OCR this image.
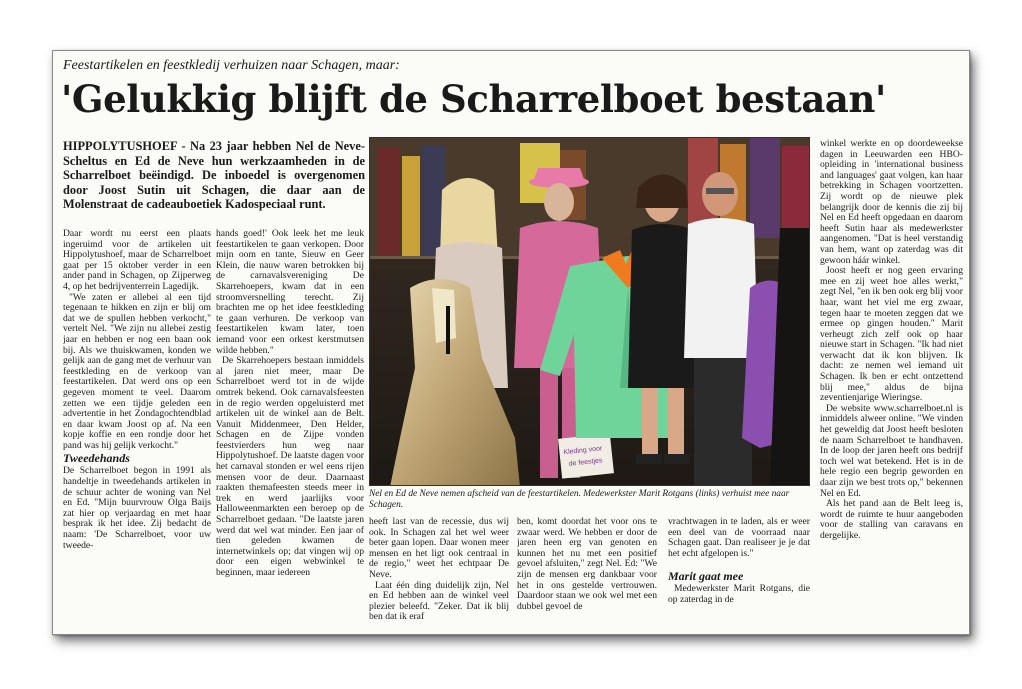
Feestartikelen en feestkledij verhuizen naar Schagen, maar:
'Gelukkig blijft de Scharrelboet bestaan'
HIPPOLYTUSHOEF - Na 23 jaar hebben Nel de Neve-Scheltus en Ed de Neve hun werkzaamheden in de Scharrelboet beëindigd. De inboedel is overgenomen door Joost Sutin uit Schagen, die daar aan de Molenstraat de cadeauboetiek Kadospeciaal runt.

Daar wordt nu eerst een plaats ingeruimd voor de artikelen uit Hippolytushoef, maar de Scharrelboet gaat per 15 oktober verder in een ander pand in Schagen, op Zijperweg 4, op het bedrijventerrein Lagedijk.

"We zaten er allebei al een tijd tegenaan te hikken en zijn er blij om dat we de spullen hebben verkocht," vertelt Nel. "We zijn nu allebei zestig jaar en hebben er nog een baan ook bij. Als we thuiskwamen, konden we gelijk aan de gang met de verhuur van feestkleding en de verkoop van feestartikelen. Dat werd ons op een gegeven moment te veel. Daarom zetten we een tijdje geleden een advertentie in het Zondagochtendblad en daar kwam Joost op af. Na een kopje koffie en een rondje door het pand was hij gelijk verkocht."

Tweedehands

De Scharrelboet begon in 1991 als handeltje in tweedehands artikelen in de schuur achter de woning van Nel en Ed. "Mijn buurvrouw Olga Baijs zat hier op verjaardag en met haar besprak ik het idee. Zij bedacht de naam: 'De Scharrelboet, voor uw tweede-

hands goed!' Ook leek het me leuk feestartikelen te gaan verkopen. Door mijn oom en tante, Sieuw en Geer Klein, die nauw waren betrokken bij de carnavalsvereniging De Skarrehoepers, kwam dat in een stroomversnelling terecht. Zij brachten me op het idee feestkleding te gaan verhuren. De verkoop van feestartikelen kwam later, toen iemand voor een orkest kerstmutsen wilde hebben."

De Skarrehoepers bestaan inmiddels al jaren niet meer, maar De Scharrelboet werd tot in de wijde omtrek bekend. Ook carnavalsfeesten in de regio werden opgeluisterd met artikelen uit de winkel aan de Belt. Vanuit Middenmeer, Den Helder, Schagen en de Zijpe vonden feestvierders hun weg naar Hippolytushoef. De laatste dagen voor het carnaval stonden er wel eens rijen mensen voor de deur. Daarnaast raakten themafeesten steeds meer in trek en werd jaarlijks voor Halloweenmarkten een beroep op de Scharrelboet gedaan. "De laatste jaren werd dat wel wat minder. Een jaar of tien geleden kwamen de internetwinkels op; dat vingen wij op door een eigen webwinkel te beginnen, maar iedereen

Kleding voor
de feestjes
Nel en Ed de Neve nemen afscheid van de feestartikelen. Medewerkster Marit Rotgans (links) verhuist mee naar Schagen.

heeft last van de recessie, dus wij ook. In Schagen zal het wel weer beter gaan lopen. Daar wonen meer mensen en het ligt ook centraal in de regio," weet het echtpaar De Neve.

Laat één ding duidelijk zijn, Nel en Ed hebben aan de winkel veel plezier beleefd. "Zeker. Dat ik blij ben dat ik eraf

ben, komt doordat het voor ons te zwaar werd. We hebben er door de jaren heen erg van genoten en kunnen het nu met een positief gevoel afsluiten," zegt Nel. Ed: "We zijn de mensen erg dankbaar voor het in ons gestelde vertrouwen. Daardoor staan we ook wel met een dubbel gevoel de

vrachtwagen in te laden, als er weer een deel van de voorraad naar Schagen gaat. Dan realiseer je je dat het echt afgelopen is."

Marit gaat mee

Medewerkster Marit Rotgans, die op zaterdag in de

winkel werkte en op doordeweekse dagen in Leeuwarden een HBO-opleiding in 'international business and languages' gaat volgen, kan haar betrekking in Schagen voortzetten. Zij wordt op de nieuwe plek belangrijk door de kennis die zij bij Nel en Ed heeft opgedaan en daarom heeft Sutin haar als medewerkster aangenomen. "Dat is heel verstandig van hem, want op zaterdag was dit gewoon háár winkel.

Joost heeft er nog geen ervaring mee en zij weet hoe alles werkt," zegt Nel, "en ik ben ook erg blij voor haar, want het viel me erg zwaar, tegen haar te moeten zeggen dat we ermee op gingen houden." Marit verheugt zich zelf ook op haar nieuwe start in Schagen. "Ik had niet verwacht dat ik kon blijven. Ik dacht: ze nemen wel iemand uit Schagen. Ik ben er echt ontzettend blij mee," aldus de bijna zeventienjarige Wieringse.

De website www.scharrelboet.nl is inmiddels alweer online. "We vinden het geweldig dat Joost heeft besloten de naam Scharrelboet te handhaven. In de loop der jaren heeft ons bedrijf toch wel wat betekend. Het is in de hele regio een begrip geworden en daar zijn we best trots op," bekennen Nel en Ed.

Als het pand aan de Belt leeg is, wordt de ruimte te huur aangeboden voor de stalling van caravans en dergelijke.
